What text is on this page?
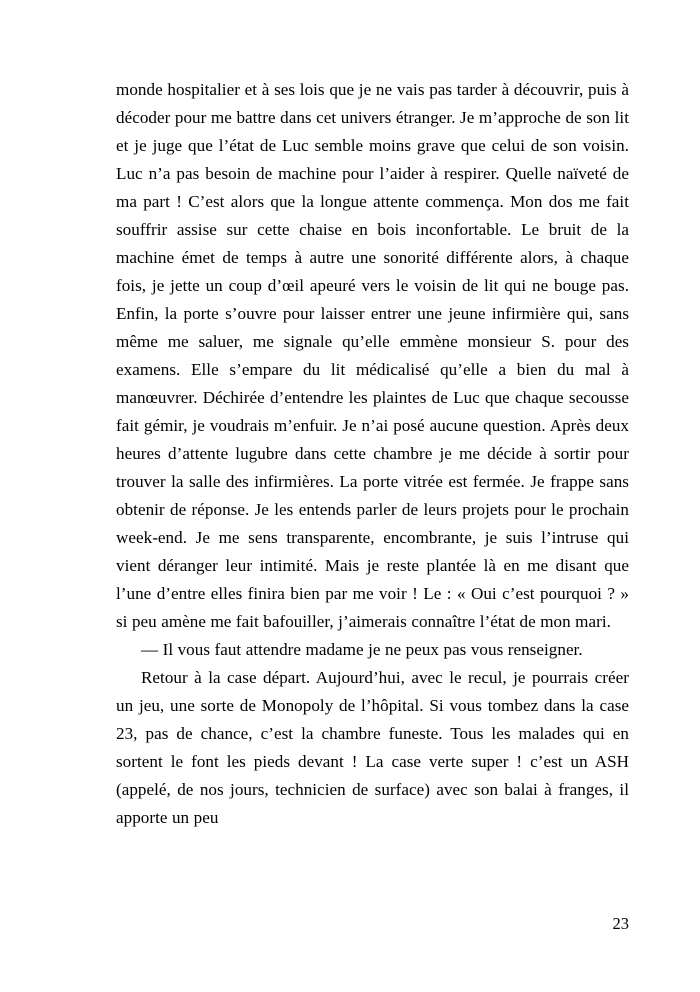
monde hospitalier et à ses lois que je ne vais pas tarder à découvrir, puis à décoder pour me battre dans cet univers étranger. Je m’approche de son lit et je juge que l’état de Luc semble moins grave que celui de son voisin. Luc n’a pas besoin de machine pour l’aider à respirer. Quelle naïveté de ma part ! C’est alors que la longue attente commença. Mon dos me fait souffrir assise sur cette chaise en bois inconfortable. Le bruit de la machine émet de temps à autre une sonorité différente alors, à chaque fois, je jette un coup d’œil apeuré vers le voisin de lit qui ne bouge pas. Enfin, la porte s’ouvre pour laisser entrer une jeune infirmière qui, sans même me saluer, me signale qu’elle emmène monsieur S. pour des examens. Elle s’empare du lit médicalisé qu’elle a bien du mal à manœuvrer. Déchirée d’entendre les plaintes de Luc que chaque secousse fait gémir, je voudrais m’enfuir. Je n’ai posé aucune question. Après deux heures d’attente lugubre dans cette chambre je me décide à sortir pour trouver la salle des infirmières. La porte vitrée est fermée. Je frappe sans obtenir de réponse. Je les entends parler de leurs projets pour le prochain week-end. Je me sens transparente, encombrante, je suis l’intruse qui vient déranger leur intimité. Mais je reste plantée là en me disant que l’une d’entre elles finira bien par me voir ! Le : « Oui c’est pourquoi ? » si peu amène me fait bafouiller, j’aimerais connaître l’état de mon mari.

— Il vous faut attendre madame je ne peux pas vous renseigner.

Retour à la case départ. Aujourd’hui, avec le recul, je pourrais créer un jeu, une sorte de Monopoly de l’hôpital. Si vous tombez dans la case 23, pas de chance, c’est la chambre funeste. Tous les malades qui en sortent le font les pieds devant ! La case verte super ! c’est un ASH (appelé, de nos jours, technicien de surface) avec son balai à franges, il apporte un peu

23
